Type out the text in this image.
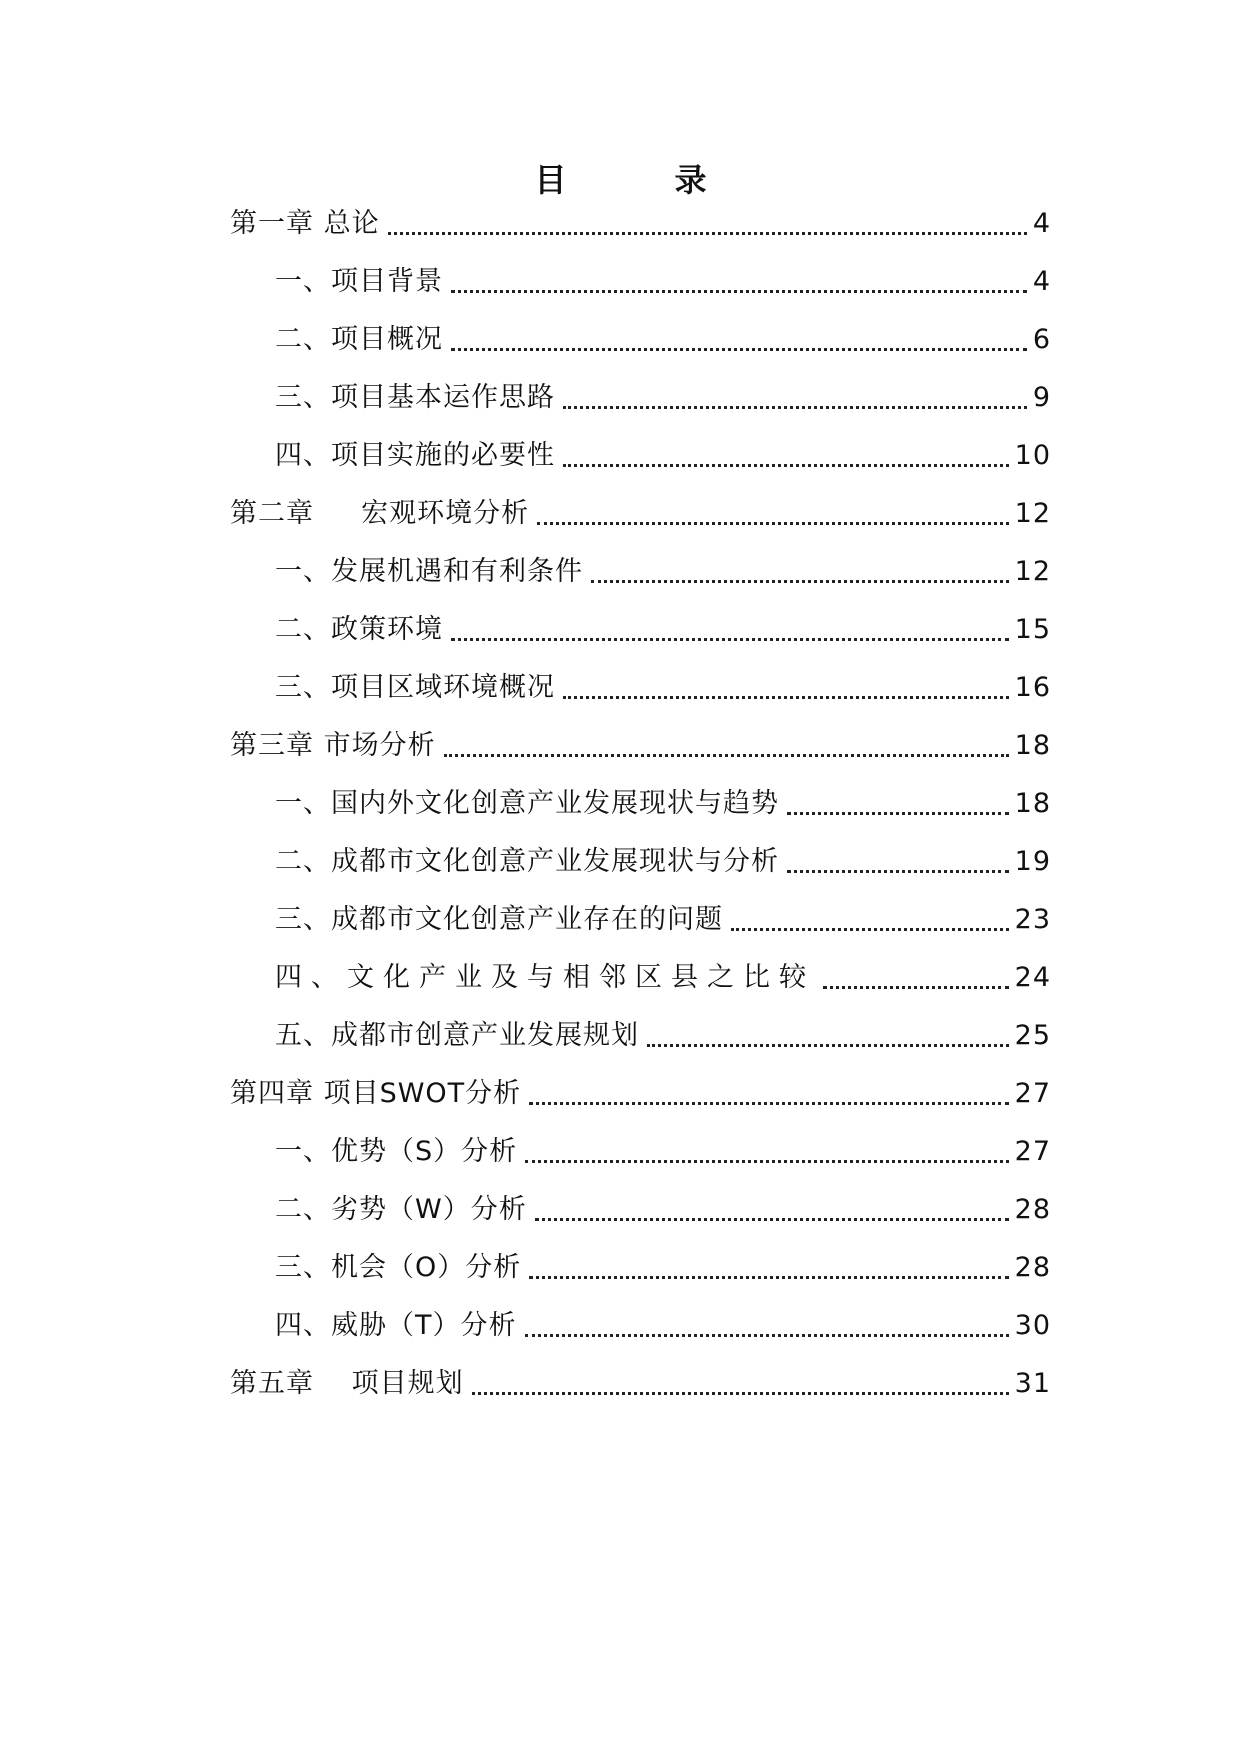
目　录
第一章 总论	4
一、项目背景	4
二、项目概况	6
三、项目基本运作思路	9
四、项目实施的必要性	10
第二章 　 宏观环境分析	12
一、发展机遇和有利条件	12
二、政策环境	15
三、项目区域环境概况	16
第三章 市场分析	18
一、国内外文化创意产业发展现状与趋势	18
二、成都市文化创意产业发展现状与分析	19
三、成都市文化创意产业存在的问题	23
四、文化产业及与相邻区县之比较	24
五、成都市创意产业发展规划	25
第四章 项目SWOT分析	27
一、优势（S）分析	27
二、劣势（W）分析	28
三、机会（O）分析	28
四、威胁（T）分析	30
第五章 　项目规划	31
